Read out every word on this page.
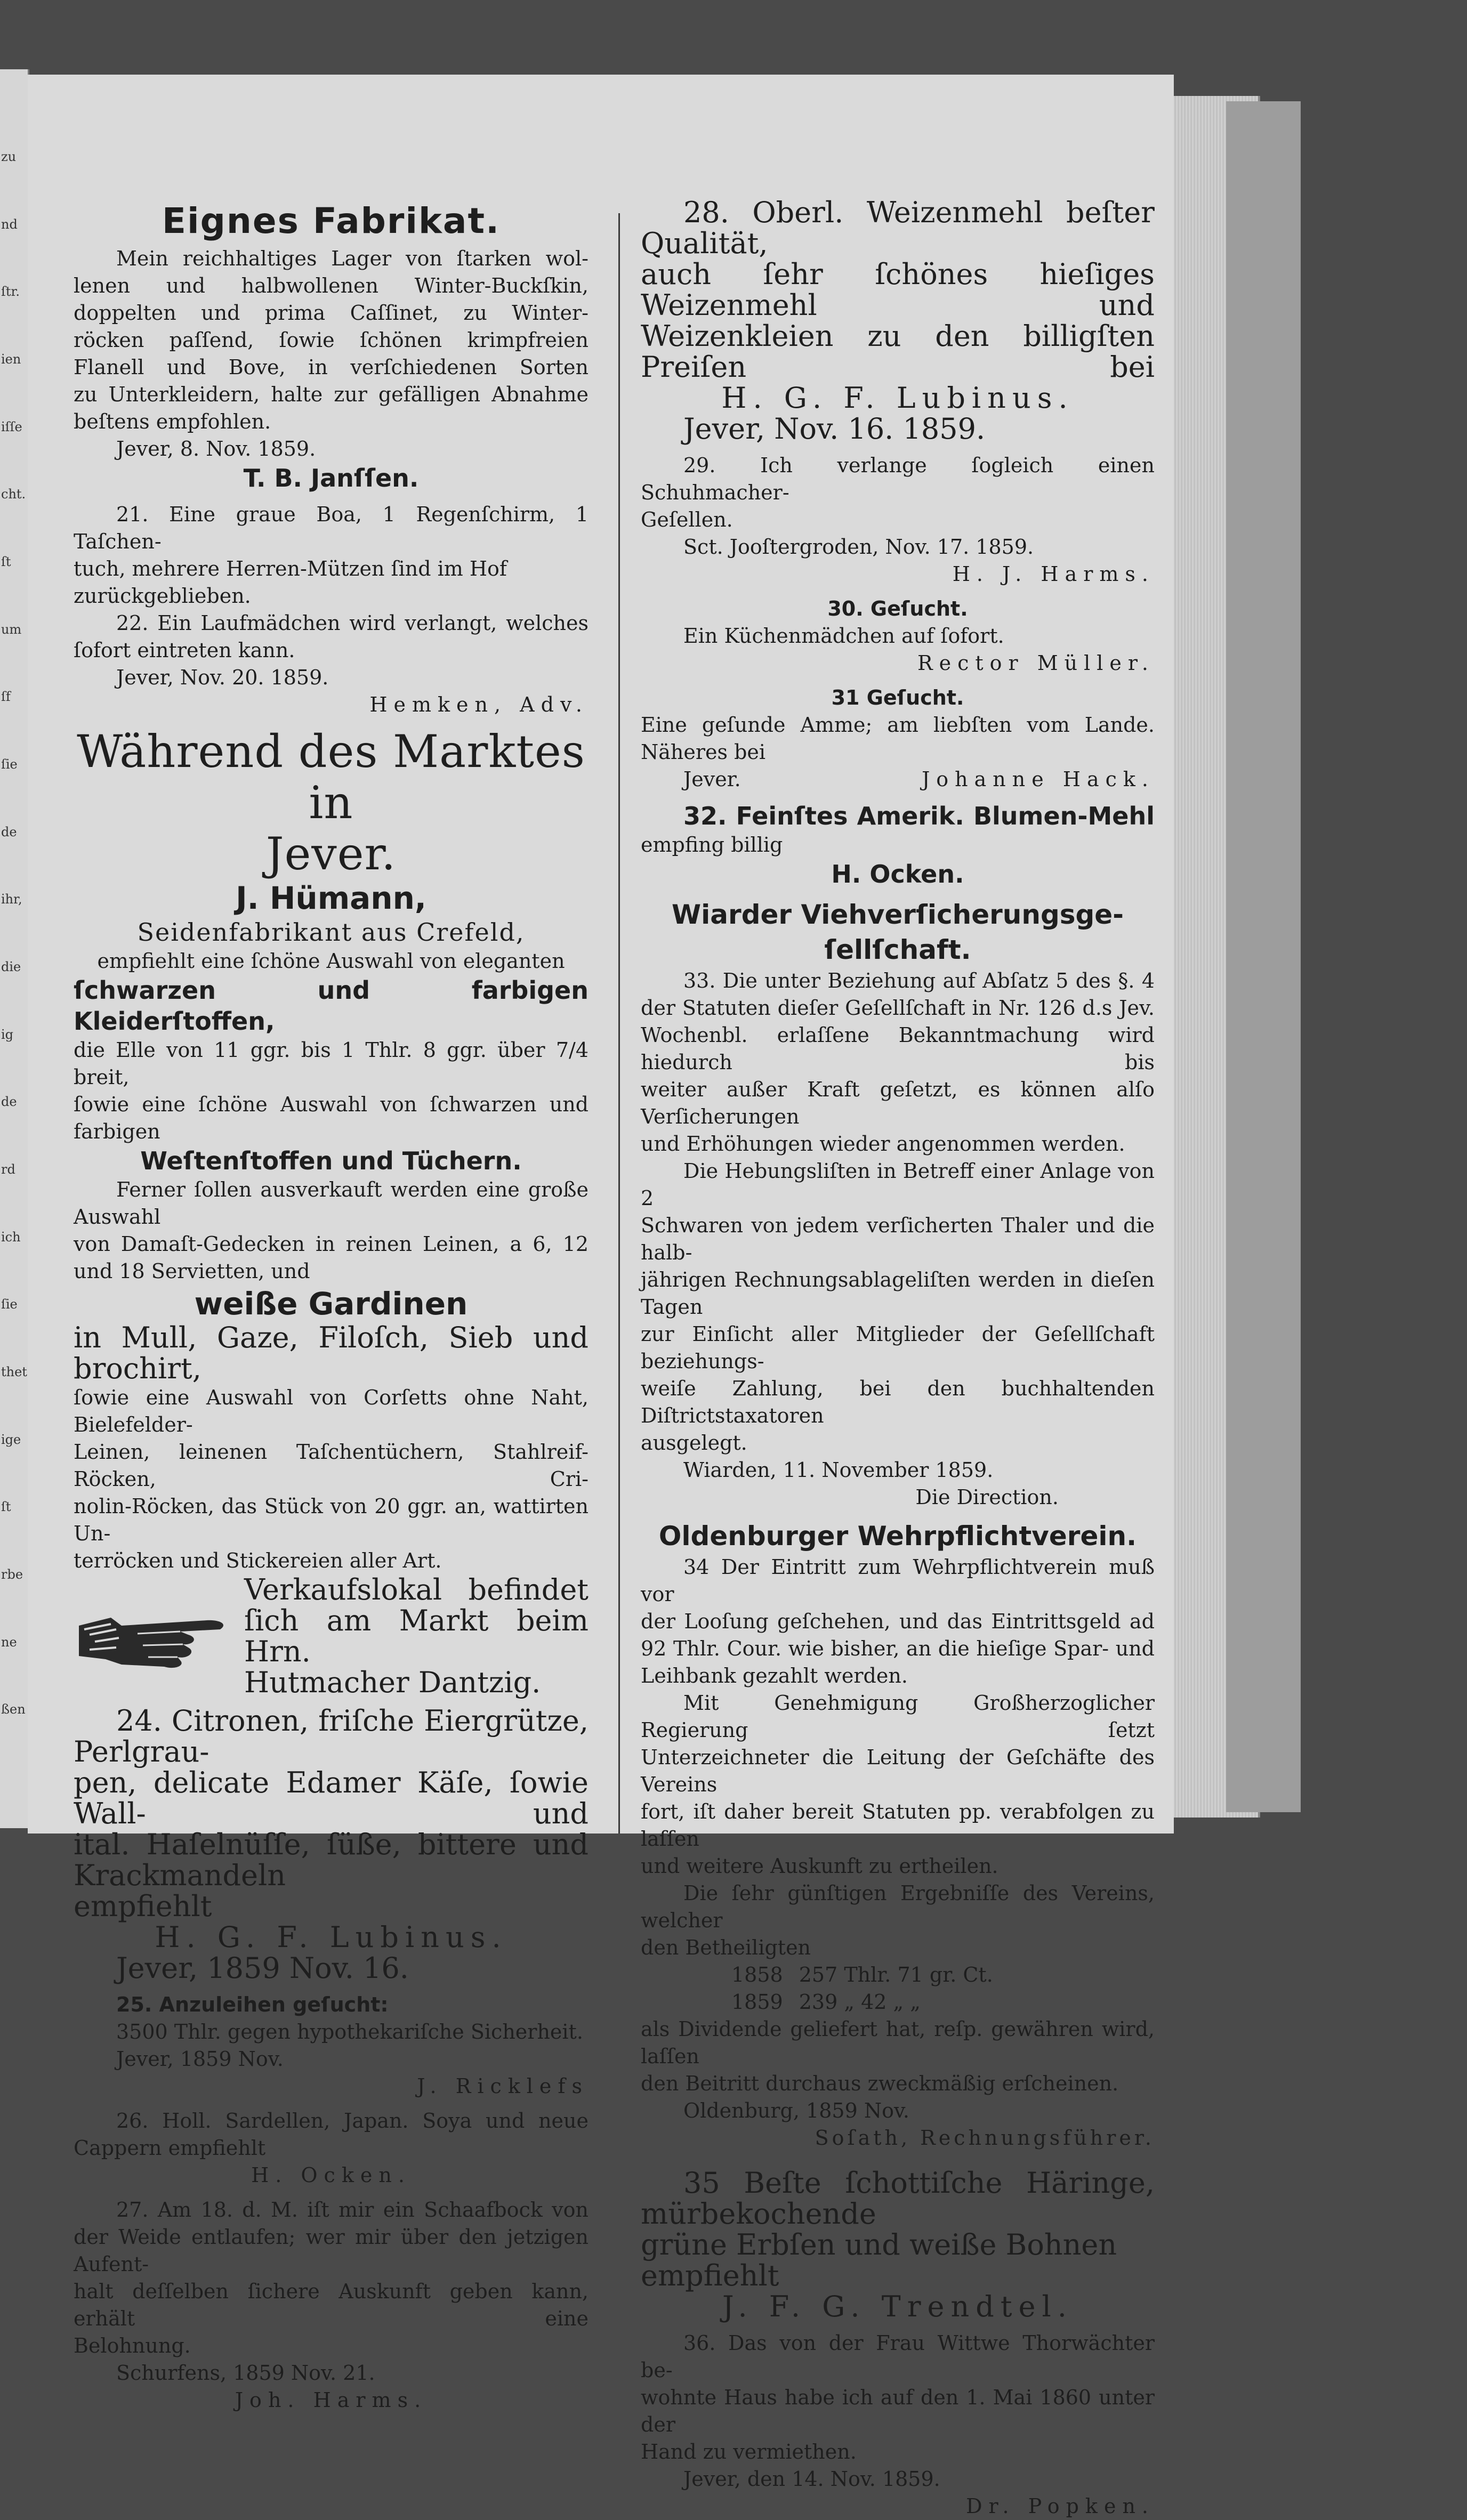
zu
nd
ſtr.
ien
iſſe
cht.
ſt
um
ſf
ſie
de
ihr,
die
ig
de
rd
ich
ſie
thet
ige
ſt
rbe
ne
ßen

Eignes Fabrikat.

Mein reichhaltiges Lager von ſtarken wol-

lenen und halbwollenen Winter-Buckſkin,

doppelten und prima Caſſinet, zu Winter-

röcken paſſend, ſowie ſchönen krimpfreien

Flanell und Bove, in verſchiedenen Sorten

zu Unterkleidern, halte zur gefälligen Abnahme

beſtens empfohlen.

Jever, 8. Nov. 1859.

T. B. Janſſen.

21. Eine graue Boa, 1 Regenſchirm, 1 Taſchen-

tuch, mehrere Herren-Mützen ſind im Hof zurückgeblieben.

22. Ein Laufmädchen wird verlangt, welches

ſofort eintreten kann.

Jever, Nov. 20. 1859.

Hemken, Adv.

Während des Marktes in

Jever.

J. Hümann,

Seidenfabrikant aus Crefeld,

empfiehlt eine ſchöne Auswahl von eleganten

ſchwarzen und farbigen Kleiderſtoffen,

die Elle von 11 ggr. bis 1 Thlr. 8 ggr. über 7/4 breit,

ſowie eine ſchöne Auswahl von ſchwarzen und farbigen

Weſtenſtoffen und Tüchern.

Ferner ſollen ausverkauft werden eine große Auswahl

von Damaſt-Gedecken in reinen Leinen, a 6, 12

und 18 Servietten, und

weiße Gardinen

in Mull, Gaze, Filoſch, Sieb und brochirt,

ſowie eine Auswahl von Corſetts ohne Naht, Bielefelder-

Leinen, leinenen Taſchentüchern, Stahlreif-Röcken, Cri-

nolin-Röcken, das Stück von 20 ggr. an, wattirten Un-

terröcken und Stickereien aller Art.

Verkaufslokal befindet

ſich am Markt beim Hrn.

Hutmacher Dantzig.

24. Citronen, friſche Eiergrütze, Perlgrau-

pen, delicate Edamer Käſe, ſowie Wall- und

ital. Haſelnüſſe, ſüße, bittere und Krackmandeln

empfiehlt

H. G. F. Lubinus.

Jever, 1859 Nov. 16.

25. Anzuleihen geſucht:

3500 Thlr. gegen hypothekariſche Sicherheit.

Jever, 1859 Nov.

J. Ricklefs

26. Holl. Sardellen, Japan. Soya und neue

Cappern empfiehlt

H. Ocken.

27. Am 18. d. M. iſt mir ein Schaafbock von

der Weide entlaufen; wer mir über den jetzigen Aufent-

halt deſſelben ſichere Auskunft geben kann, erhält eine

Belohnung.

Schurfens, 1859 Nov. 21.

Joh. Harms.

28. Oberl. Weizenmehl beſter Qualität,

auch ſehr ſchönes hieſiges Weizenmehl und

Weizenkleien zu den billigſten Preiſen bei

H. G. F. Lubinus.

Jever, Nov. 16. 1859.

29. Ich verlange ſogleich einen Schuhmacher-

Geſellen.

Sct. Jooſtergroden, Nov. 17. 1859.

H. J. Harms.

30. Geſucht.

Ein Küchenmädchen auf ſofort.

Rector Müller.

31 Geſucht.

Eine geſunde Amme; am liebſten vom Lande.

Näheres bei

Jever.	Johanne Hack.

32. Feinſtes Amerik. Blumen-Mehl

empfing billig

H. Ocken.

Wiarder Viehverſicherungsge-

ſellſchaft.

33. Die unter Beziehung auf Abſatz 5 des §. 4

der Statuten dieſer Geſellſchaft in Nr. 126 d.s Jev.

Wochenbl. erlaſſene Bekanntmachung wird hiedurch bis

weiter außer Kraft geſetzt, es können alſo Verſicherungen

und Erhöhungen wieder angenommen werden.

Die Hebungsliſten in Betreff einer Anlage von 2

Schwaren von jedem verſicherten Thaler und die halb-

jährigen Rechnungsablageliſten werden in dieſen Tagen

zur Einſicht aller Mitglieder der Geſellſchaft beziehungs-

weiſe Zahlung, bei den buchhaltenden Diſtrictstaxatoren

ausgelegt.

Wiarden, 11. November 1859.

Die Direction.

Oldenburger Wehrpflichtverein.

34 Der Eintritt zum Wehrpflichtverein muß vor

der Looſung geſchehen, und das Eintrittsgeld ad

92 Thlr. Cour. wie bisher, an die hieſige Spar- und

Leihbank gezahlt werden.

Mit Genehmigung Großherzoglicher Regierung ſetzt

Unterzeichneter die Leitung der Geſchäfte des Vereins

fort, iſt daher bereit Statuten pp. verabfolgen zu laſſen

und weitere Auskunft zu ertheilen.

Die ſehr günſtigen Ergebniſſe des Vereins, welcher

den Betheiligten

1858	257 Thlr. 71 gr. Ct.
1859	239 „ 42 „ „

als Dividende geliefert hat, reſp. gewähren wird, laſſen

den Beitritt durchaus zweckmäßig erſcheinen.

Oldenburg, 1859 Nov.

Soſath, Rechnungsführer.

35 Beſte ſchottiſche Häringe, mürbekochende

grüne Erbſen und weiße Bohnen empfiehlt

J. F. G. Trendtel.

36. Das von der Frau Wittwe Thorwächter be-

wohnte Haus habe ich auf den 1. Mai 1860 unter der

Hand zu vermiethen.

Jever, den 14. Nov. 1859.

Dr. Popken.
